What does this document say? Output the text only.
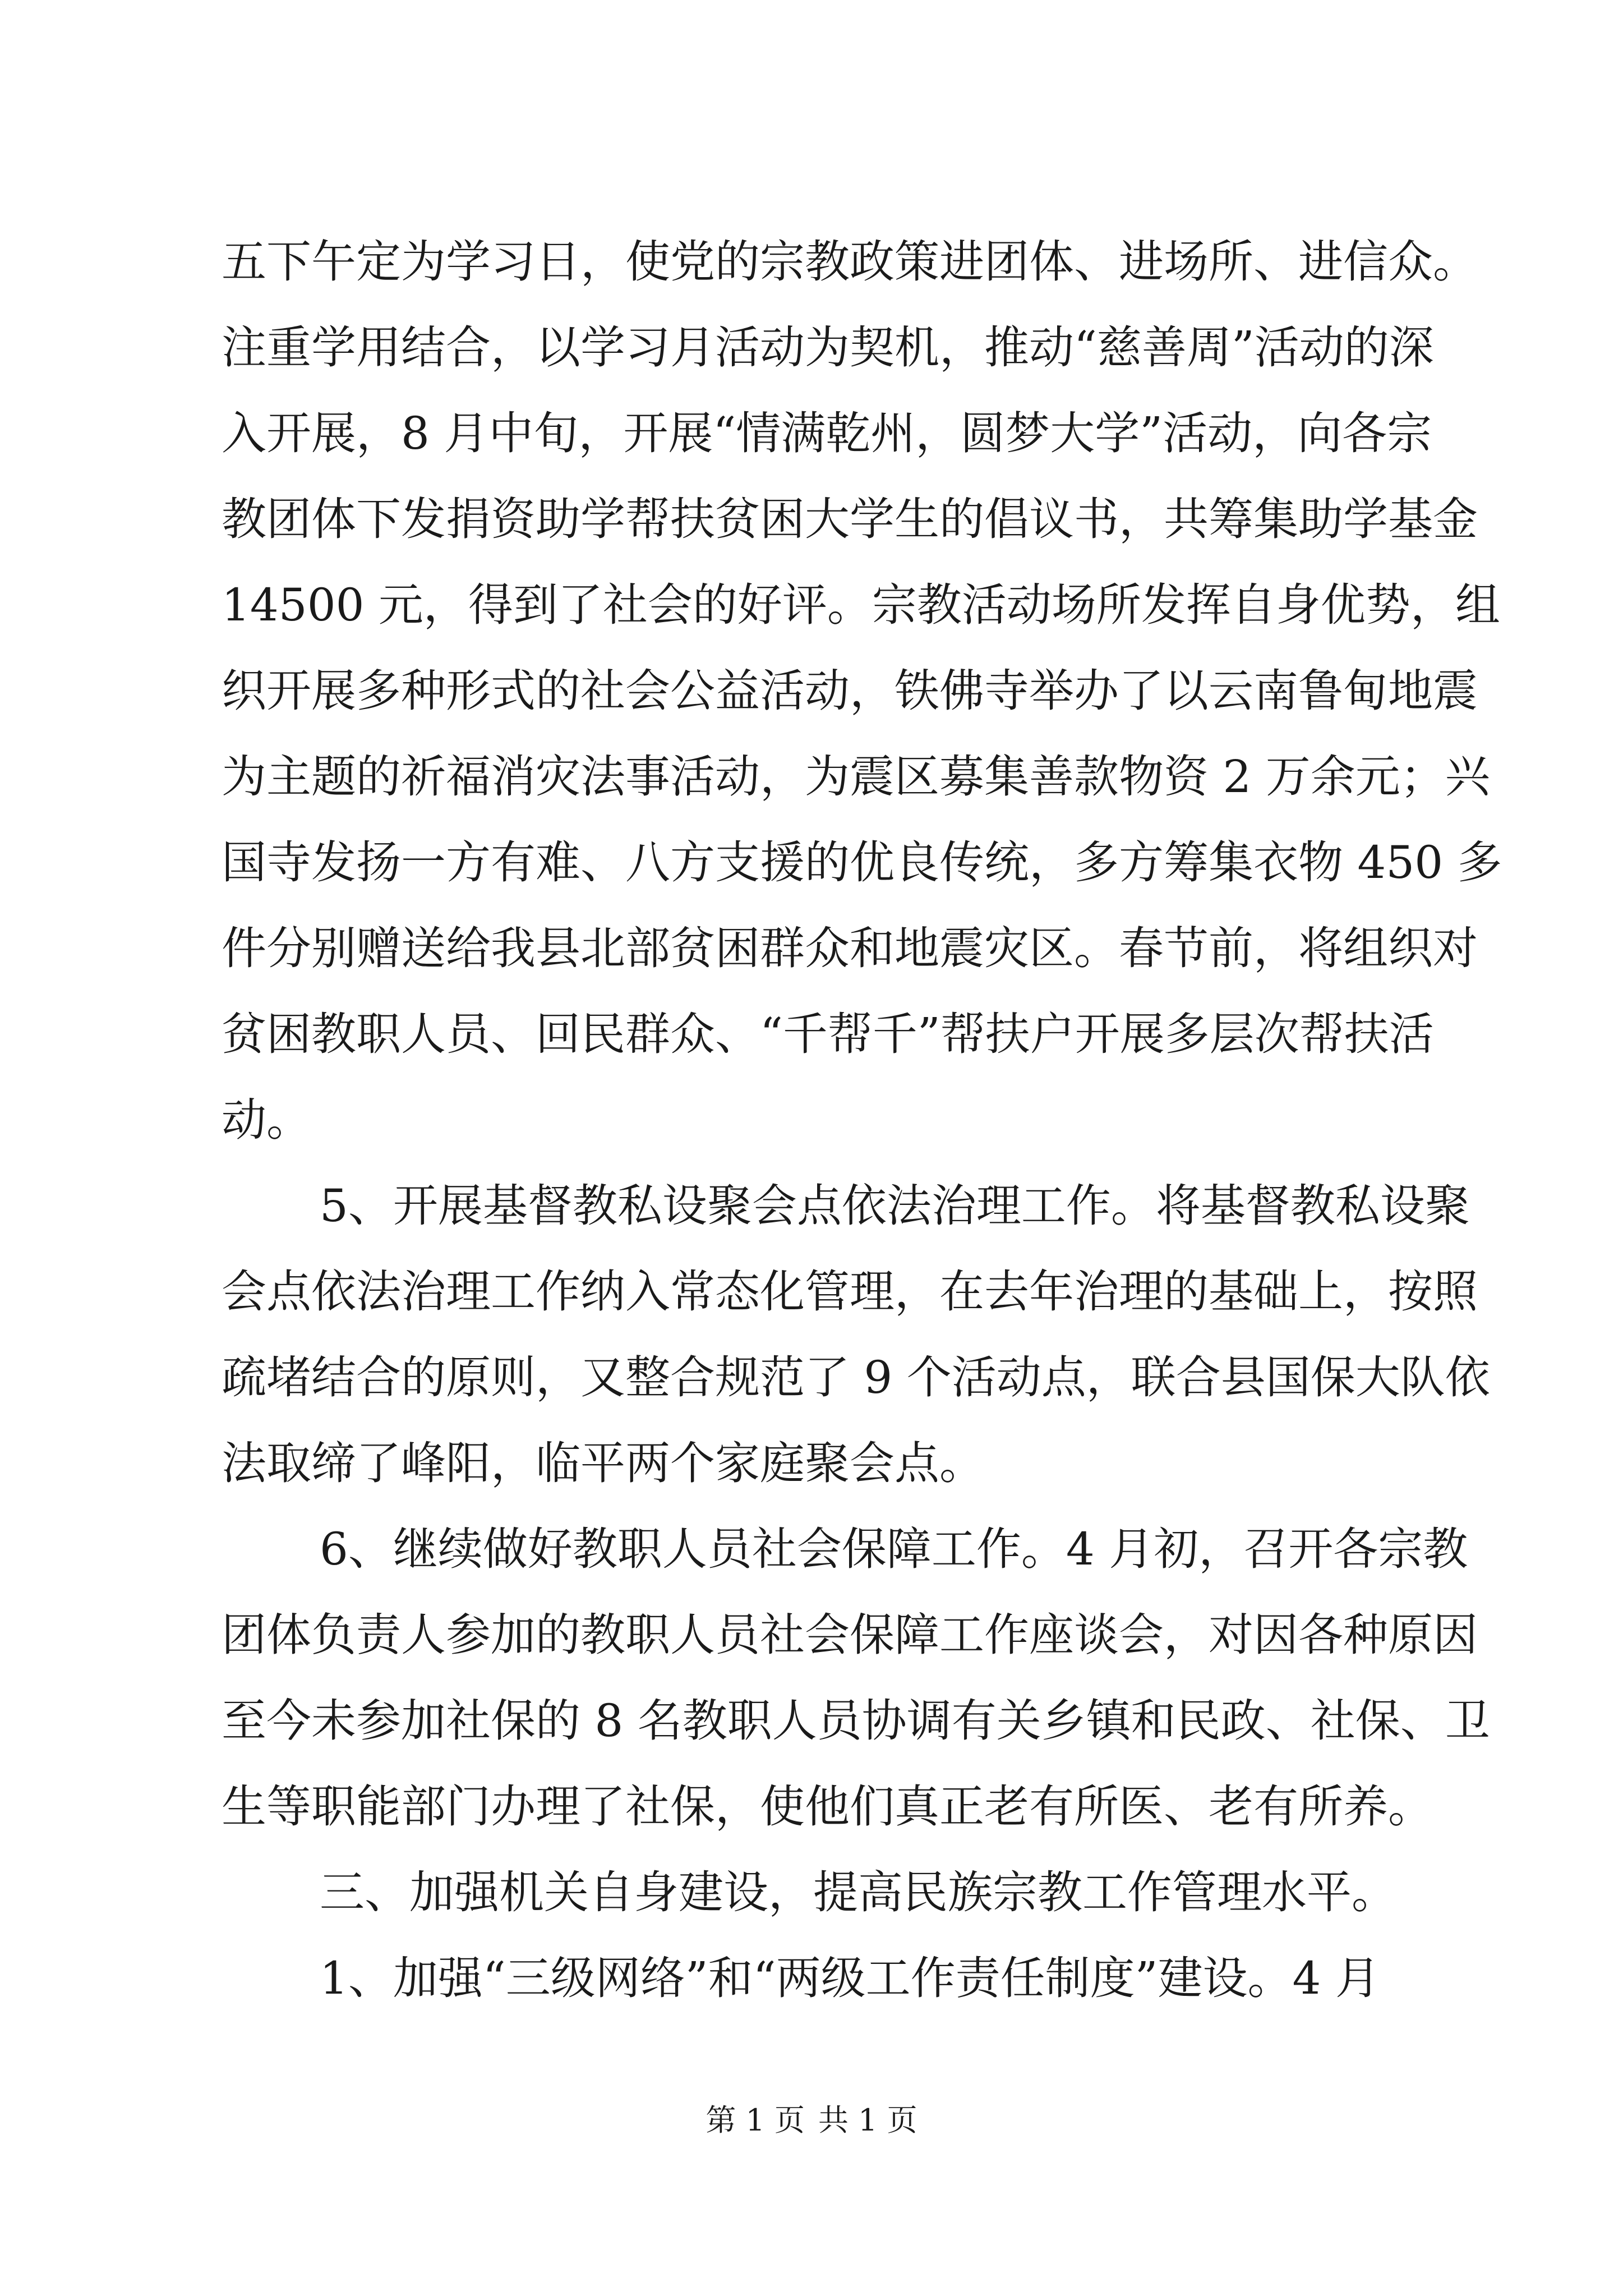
五下午定为学习日，使党的宗教政策进团体、进场所、进信众。
注重学用结合，以学习月活动为契机，推动“慈善周”活动的深
入开展，8 月中旬，开展“情满乾州，圆梦大学”活动，向各宗
教团体下发捐资助学帮扶贫困大学生的倡议书，共筹集助学基金
14500 元，得到了社会的好评。宗教活动场所发挥自身优势，组
织开展多种形式的社会公益活动，铁佛寺举办了以云南鲁甸地震
为主题的祈福消灾法事活动，为震区募集善款物资 2 万余元；兴
国寺发扬一方有难、八方支援的优良传统，多方筹集衣物 450 多
件分别赠送给我县北部贫困群众和地震灾区。春节前，将组织对
贫困教职人员、回民群众、“千帮千”帮扶户开展多层次帮扶活
动。
5、开展基督教私设聚会点依法治理工作。将基督教私设聚
会点依法治理工作纳入常态化管理，在去年治理的基础上，按照
疏堵结合的原则，又整合规范了 9 个活动点，联合县国保大队依
法取缔了峰阳，临平两个家庭聚会点。
6、继续做好教职人员社会保障工作。4 月初，召开各宗教
团体负责人参加的教职人员社会保障工作座谈会，对因各种原因
至今未参加社保的 8 名教职人员协调有关乡镇和民政、社保、卫
生等职能部门办理了社保，使他们真正老有所医、老有所养。
三、加强机关自身建设，提高民族宗教工作管理水平。
1、加强“三级网络”和“两级工作责任制度”建设。4 月
第 1 页 共 1 页
